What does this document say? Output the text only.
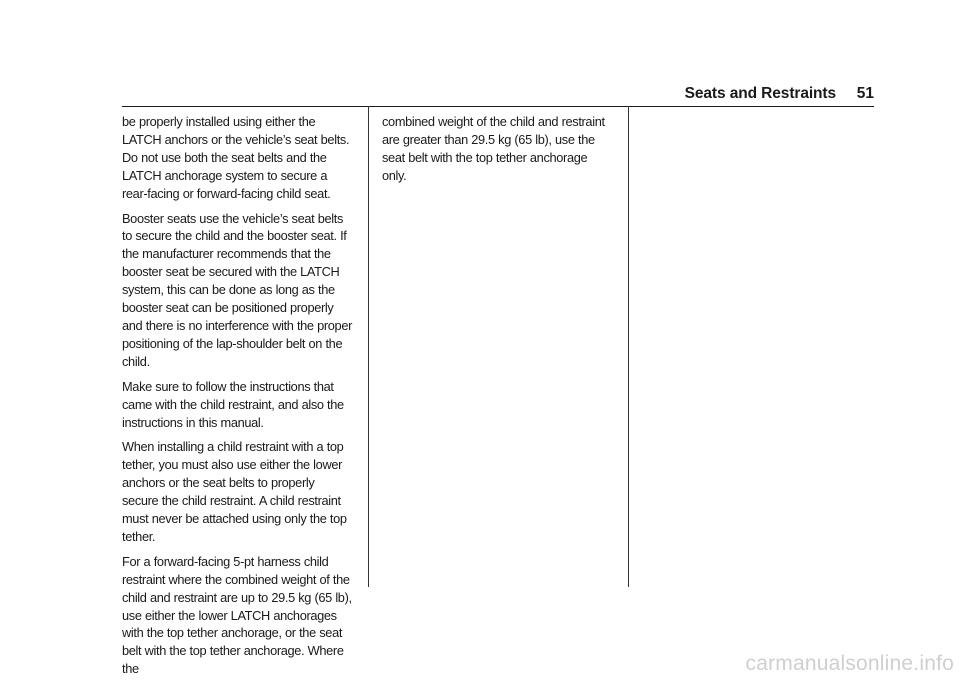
Seats and Restraints 51

be properly installed using either the LATCH anchors or the vehicle’s seat belts. Do not use both the seat belts and the LATCH anchorage system to secure a rear-facing or forward-facing child seat.

Booster seats use the vehicle’s seat belts to secure the child and the booster seat. If the manufacturer recommends that the booster seat be secured with the LATCH system, this can be done as long as the booster seat can be positioned properly and there is no interference with the proper positioning of the lap-shoulder belt on the child.

Make sure to follow the instructions that came with the child restraint, and also the instructions in this manual.

When installing a child restraint with a top tether, you must also use either the lower anchors or the seat belts to properly secure the child restraint. A child restraint must never be attached using only the top tether.

For a forward-facing 5-pt harness child restraint where the combined weight of the child and restraint are up to 29.5 kg (65 lb), use either the lower LATCH anchorages with the top tether anchorage, or the seat belt with the top tether anchorage. Where the

combined weight of the child and restraint are greater than 29.5 kg (65 lb), use the seat belt with the top tether anchorage only.

carmanualsonline.info
